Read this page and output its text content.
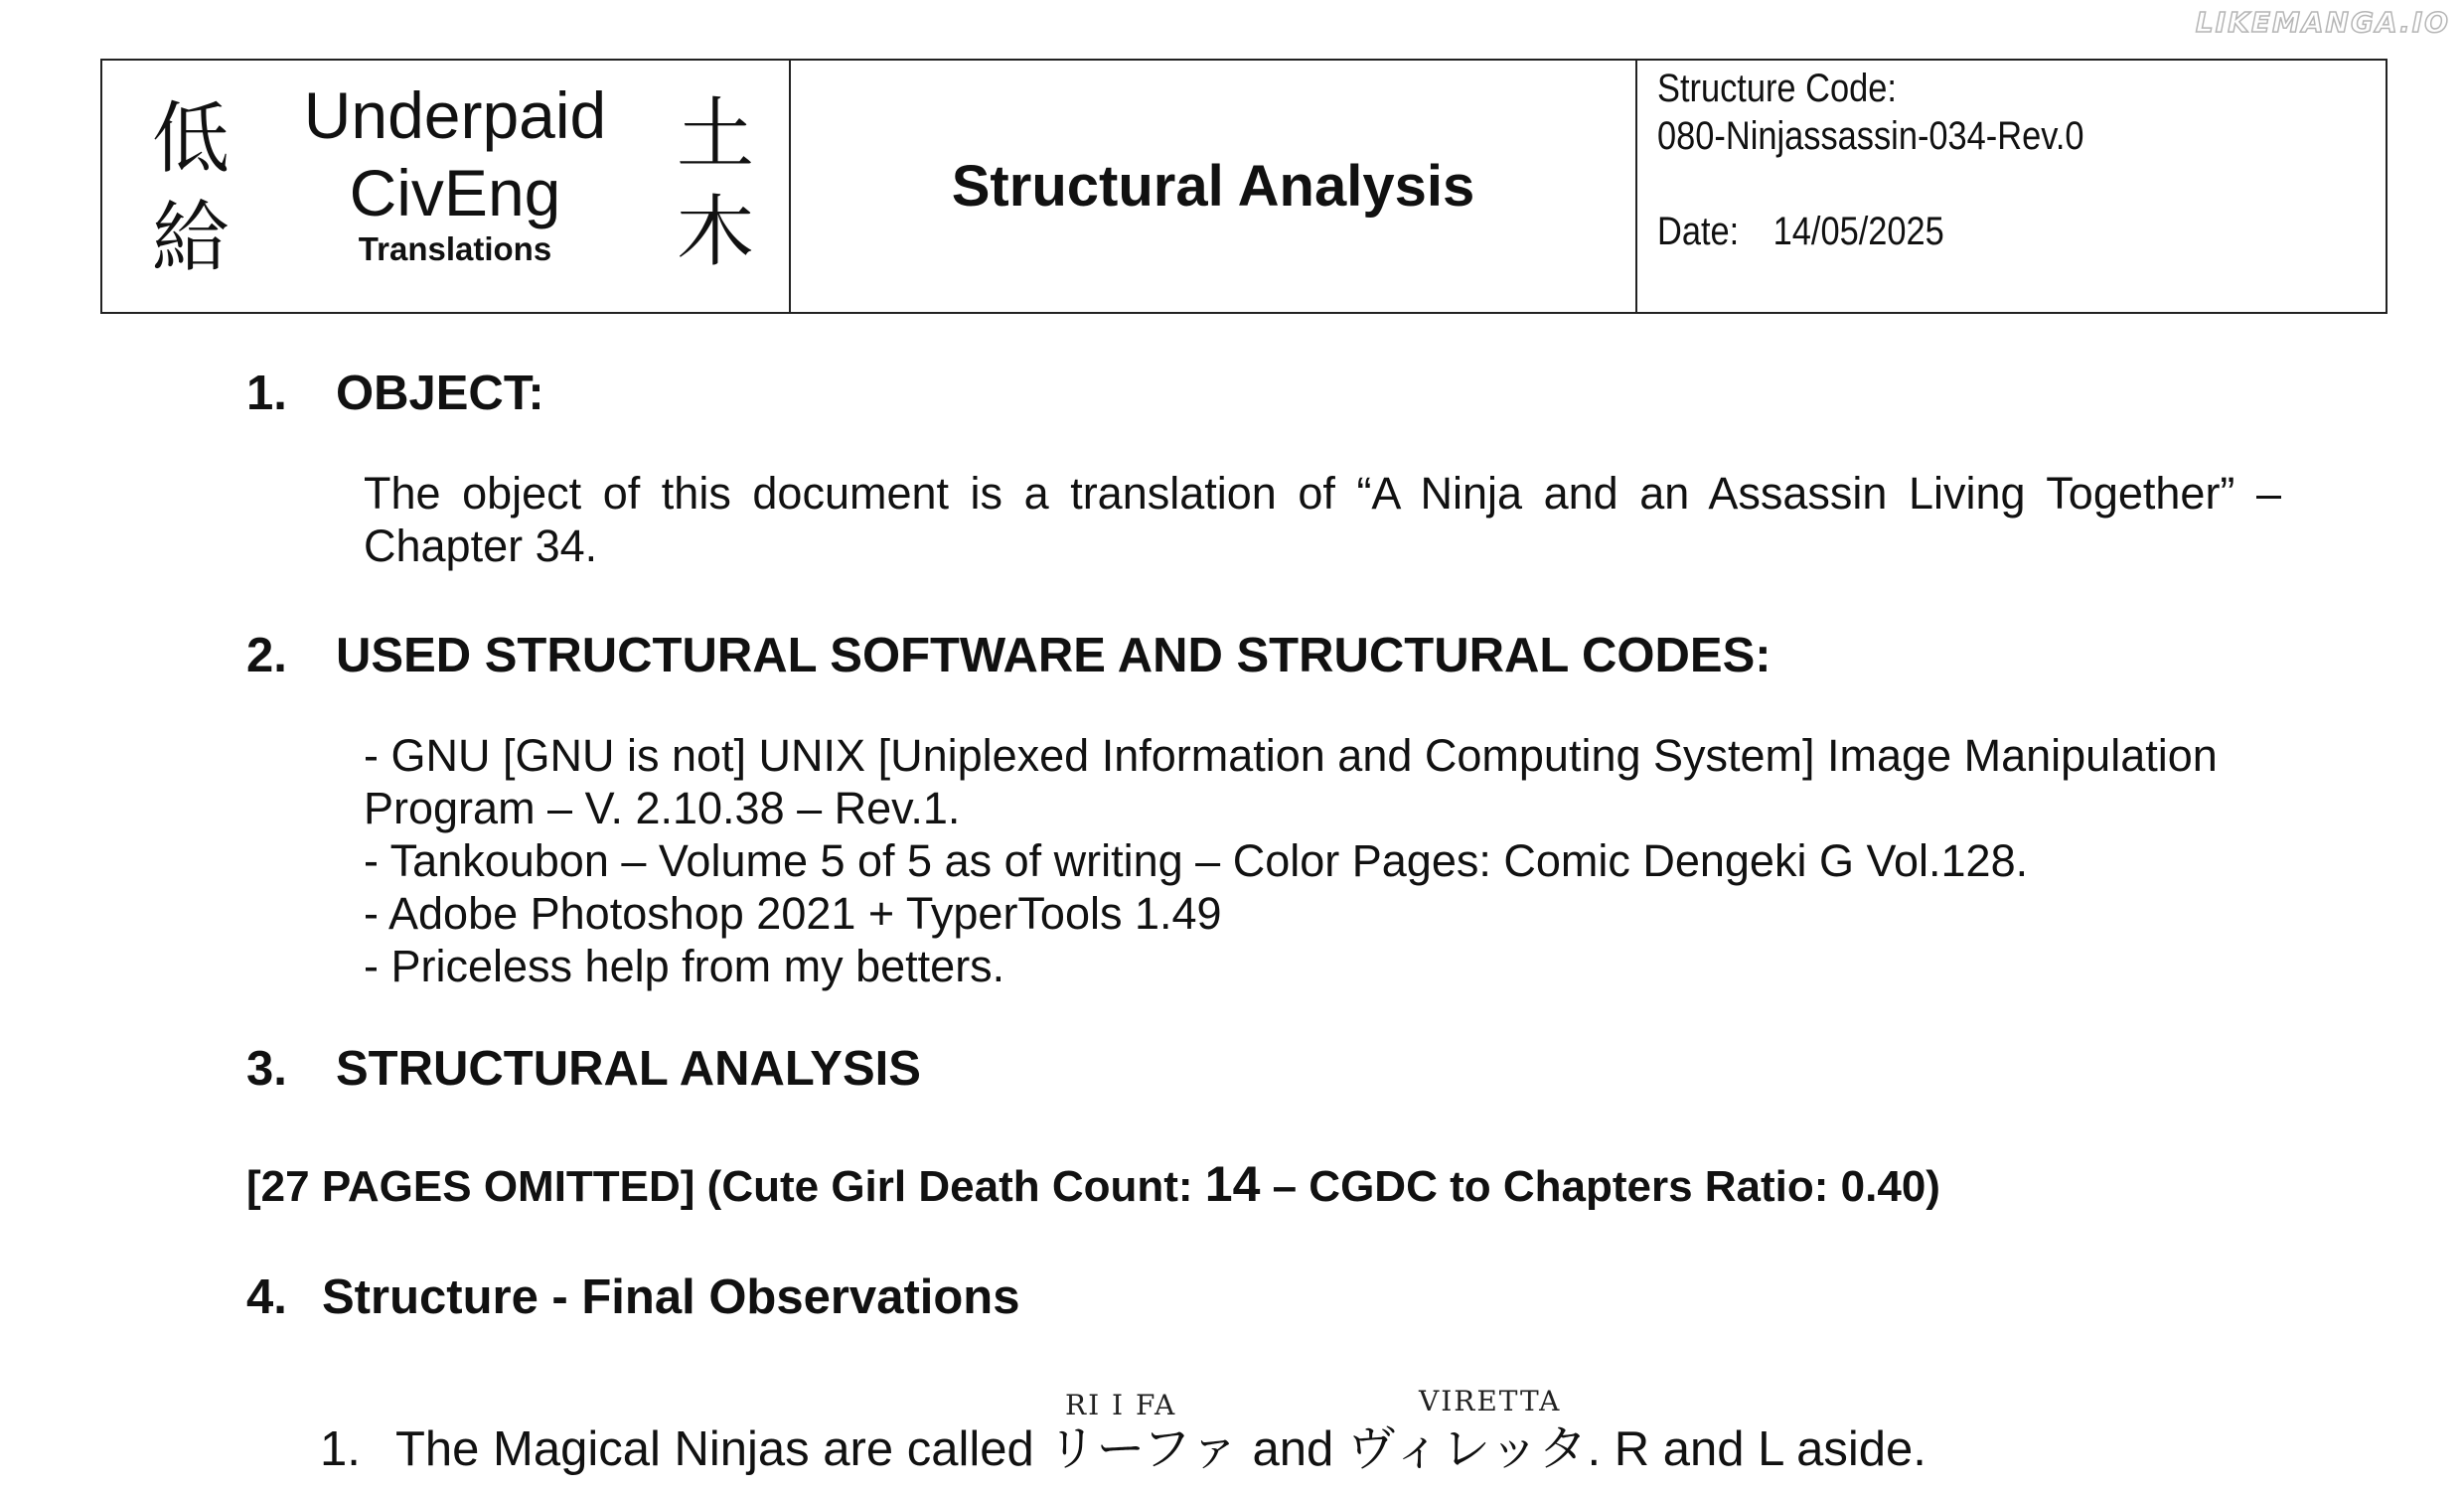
LIKEMANGA.IO
低
給
Underpaid
CivEng
Translations
土
木
Structural Analysis
Structure Code:
080-Ninjassassin-034-Rev.0
Date: 14/05/2025
1. OBJECT:
The object of this document is a translation of “A Ninja and an Assassin Living Together” – Chapter 34.
2. USED STRUCTURAL SOFTWARE AND STRUCTURAL CODES:
- GNU [GNU is not] UNIX [Uniplexed Information and Computing System] Image Manipulation
Program – V. 2.10.38 – Rev.1.
- Tankoubon – Volume 5 of 5 as of writing – Color Pages: Comic Dengeki G Vol.128.
- Adobe Photoshop 2021 + TyperTools 1.49
- Priceless help from my betters.
3. STRUCTURAL ANALYSIS
[27 PAGES OMITTED] (Cute Girl Death Count: 14 – CGDC to Chapters Ratio: 0.40)
4. Structure - Final Observations
RI I FA	VIRETTA
1. The Magical Ninjas are called リーファ and ヴィレッタ. R and L aside.
